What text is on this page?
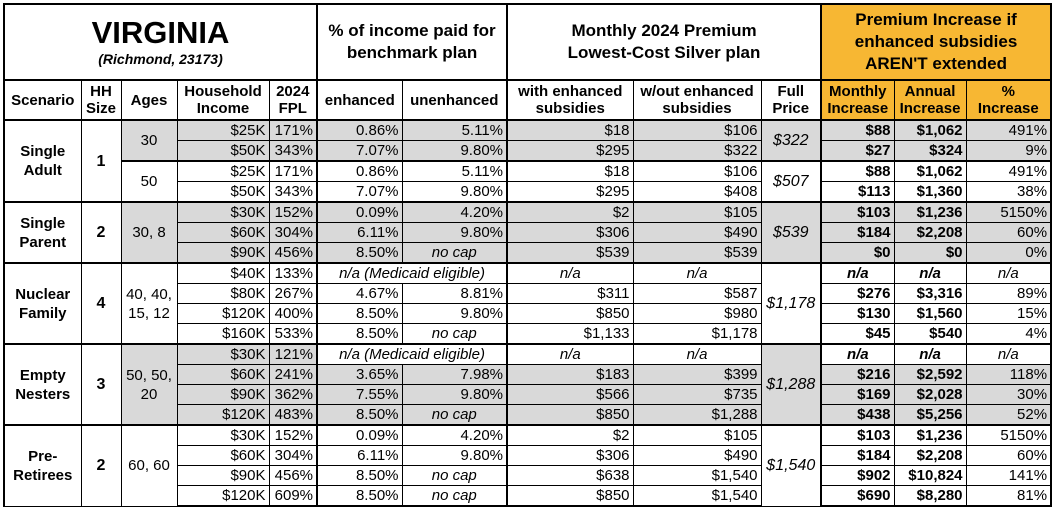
VIRGINIA
(Richmond, 23173)					% of income paid for benchmark plan		Monthly 2024 Premium Lowest-Cost Silver plan			Premium Increase if enhanced subsidies AREN'T extended		
Scenario	HH Size	Ages	Household Income	2024 FPL	enhanced	unenhanced	with enhanced subsidies	w/out enhanced subsidies	Full Price	Monthly Increase	Annual Increase	% Increase
Single Adult	1	30	$25K	171%	0.86%	5.11%	$18	$106	$322	$88	$1,062	491%
			$50K	343%	7.07%	9.80%	$295	$322		$27	$324	9%
		50	$25K	171%	0.86%	5.11%	$18	$106	$507	$88	$1,062	491%
			$50K	343%	7.07%	9.80%	$295	$408		$113	$1,360	38%
Single Parent	2	30, 8	$30K	152%	0.09%	4.20%	$2	$105	$539	$103	$1,236	5150%
			$60K	304%	6.11%	9.80%	$306	$490		$184	$2,208	60%
			$90K	456%	8.50%	no cap	$539	$539		$0	$0	0%
Nuclear Family	4	40, 40, 15, 12	$40K	133%	n/a (Medicaid eligible)		n/a	n/a	$1,178	n/a	n/a	n/a
			$80K	267%	4.67%	8.81%	$311	$587		$276	$3,316	89%
			$120K	400%	8.50%	9.80%	$850	$980		$130	$1,560	15%
			$160K	533%	8.50%	no cap	$1,133	$1,178		$45	$540	4%
Empty Nesters	3	50, 50, 20	$30K	121%	n/a (Medicaid eligible)		n/a	n/a	$1,288	n/a	n/a	n/a
			$60K	241%	3.65%	7.98%	$183	$399		$216	$2,592	118%
			$90K	362%	7.55%	9.80%	$566	$735		$169	$2,028	30%
			$120K	483%	8.50%	no cap	$850	$1,288		$438	$5,256	52%
Pre-Retirees	2	60, 60	$30K	152%	0.09%	4.20%	$2	$105	$1,540	$103	$1,236	5150%
			$60K	304%	6.11%	9.80%	$306	$490		$184	$2,208	60%
			$90K	456%	8.50%	no cap	$638	$1,540		$902	$10,824	141%
			$120K	609%	8.50%	no cap	$850	$1,540		$690	$8,280	81%
